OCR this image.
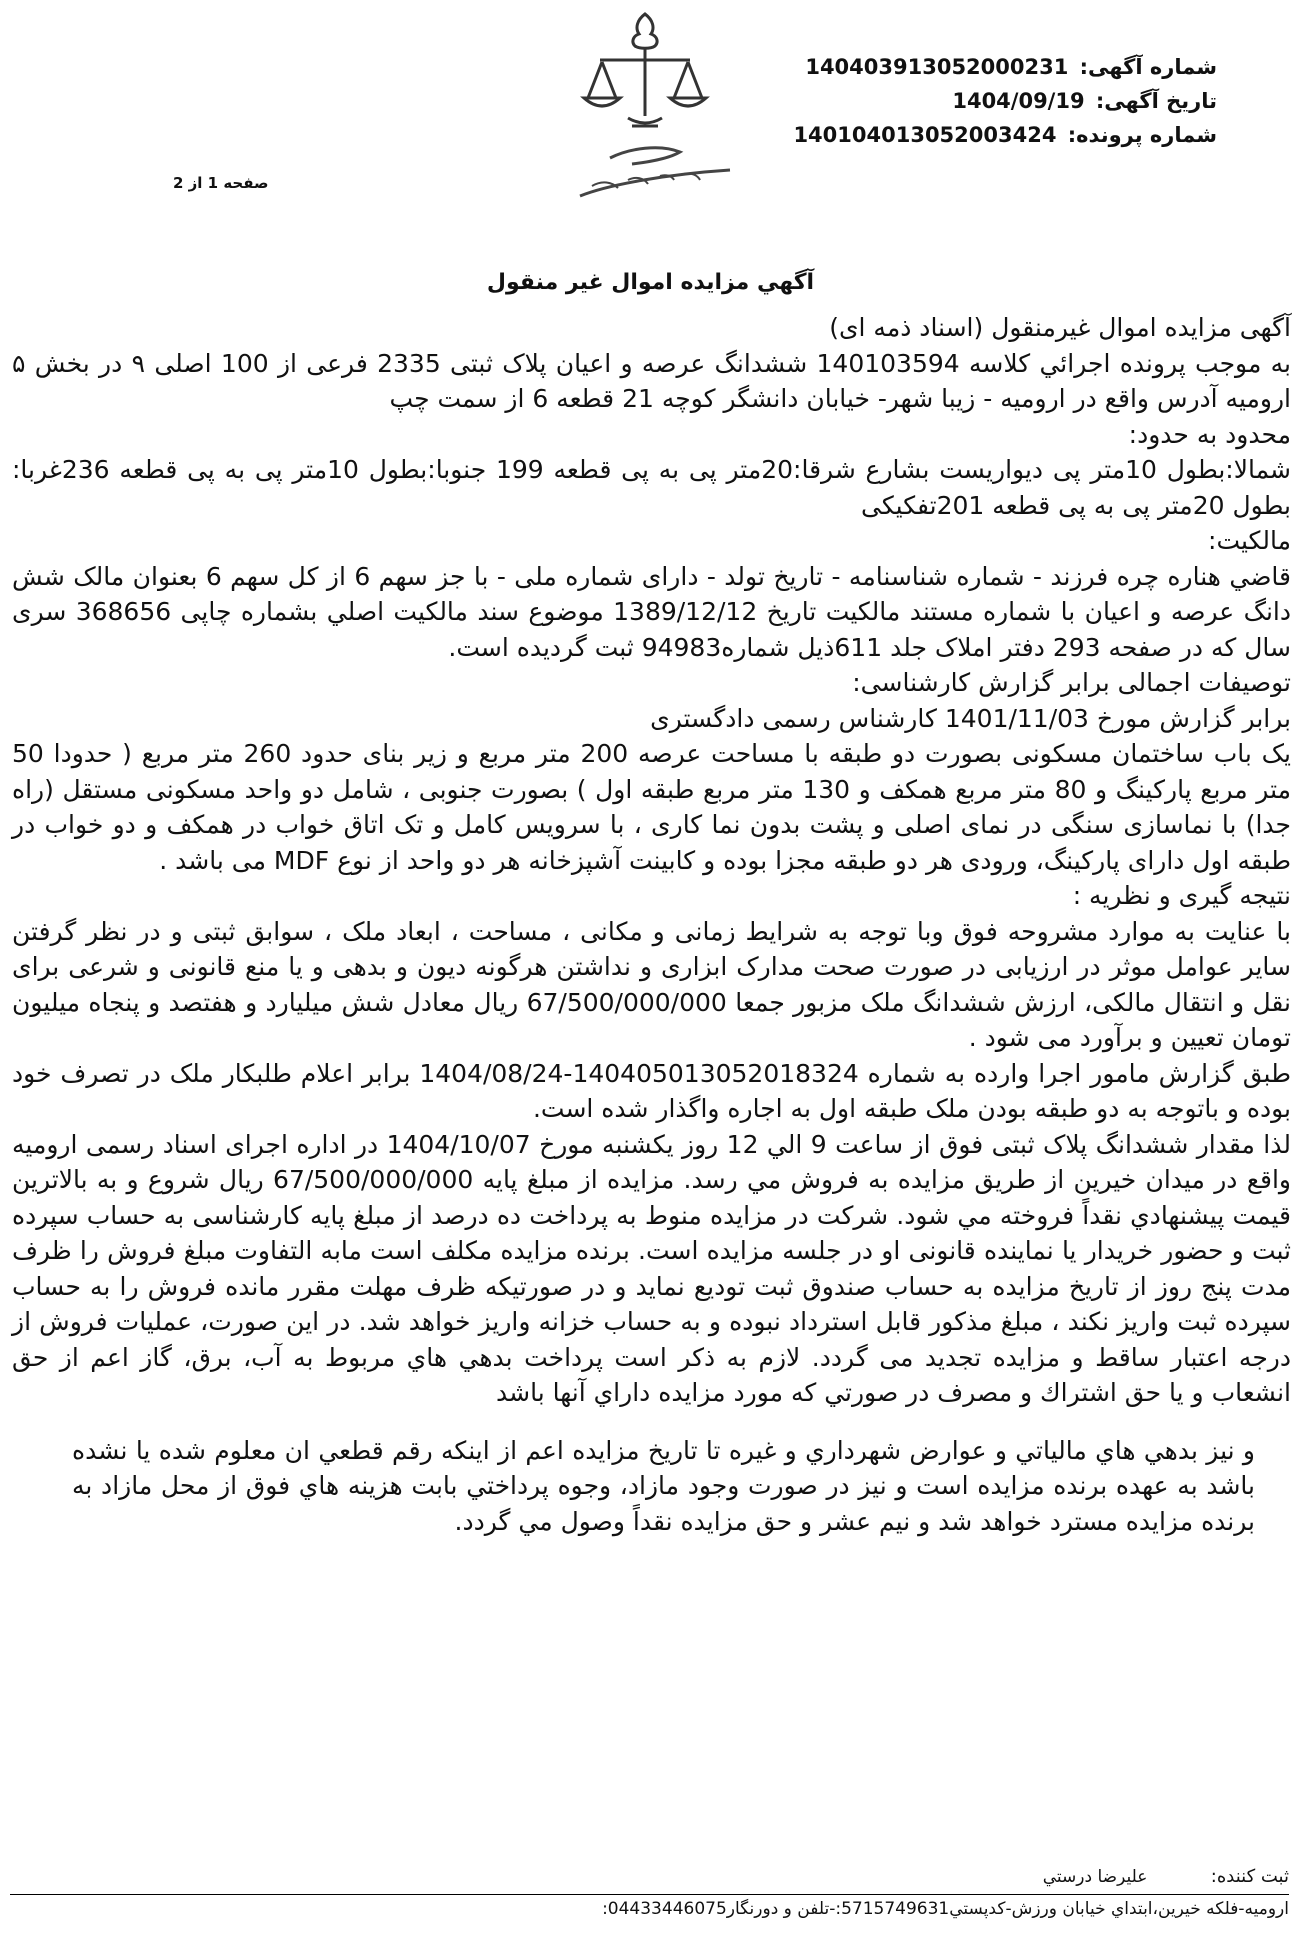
شماره آگهی: 140403913052000231
تاریخ آگهی: 1404/09/19
شماره پرونده: 140104013052003424
صفحه 1 از 2
آگهي مزايده اموال غير منقول

آگهی مزایده اموال غیرمنقول (اسناد ذمه ای)

به موجب پرونده اجرائي كلاسه 140103594 ششدانگ عرصه و اعيان پلاک ثبتی 2335 فرعی از 100 اصلی ۹ در بخش ۵ ارومیه آدرس واقع در ارومیه - زیبا شهر- خیابان دانشگر کوچه 21 قطعه 6 از سمت چپ

محدود به حدود:

شمالا:بطول 10متر پی دیواریست بشارع شرقا:20متر پی به پی قطعه 199 جنوبا:بطول 10متر پی به پی قطعه 236غربا: بطول 20متر پی به پی قطعه 201تفکیکی

مالکیت:

قاضي هناره چره فرزند - شماره شناسنامه - تاریخ تولد - دارای شماره ملی - با جز سهم 6 از کل سهم 6 بعنوان مالک شش دانگ عرصه و اعیان با شماره مستند مالکیت تاریخ 1389/12/12 موضوع سند مالکیت اصلي بشماره چاپی 368656 سری سال که در صفحه 293 دفتر املاک جلد 611ذیل شماره94983 ثبت گردیده است.

توصیفات اجمالی برابر گزارش کارشناسی:

برابر گزارش مورخ 1401/11/03 کارشناس رسمی دادگستری

یک باب ساختمان مسکونی بصورت دو طبقه با مساحت عرصه 200 متر مربع و زیر بنای حدود 260 متر مربع ( حدودا 50 متر مربع پارکینگ و 80 متر مربع همکف و 130 متر مربع طبقه اول ) بصورت جنوبی ، شامل دو واحد مسکونی مستقل (راه جدا) با نماسازی سنگی در نمای اصلی و پشت بدون نما کاری ، با سرویس کامل و تک اتاق خواب در همکف و دو خواب در طبقه اول دارای پارکینگ، ورودی هر دو طبقه مجزا بوده و کابینت آشپزخانه هر دو واحد از نوع MDF می باشد .

نتیجه گیری و نظریه :

با عنایت به موارد مشروحه فوق وبا توجه به شرایط زمانی و مکانی ، مساحت ، ابعاد ملک ، سوابق ثبتی و در نظر گرفتن سایر عوامل موثر در ارزیابی در صورت صحت مدارک ابزاری و نداشتن هرگونه دیون و بدهی و یا منع قانونی و شرعی برای نقل و انتقال مالکی، ارزش ششدانگ ملک مزبور جمعا 67/500/000/000 ریال معادل شش میلیارد و هفتصد و پنجاه میلیون تومان تعیین و برآورد می شود .

طبق گزارش مامور اجرا وارده به شماره 140405013052018324-1404/08/24 برابر اعلام طلبکار ملک در تصرف خود بوده و باتوجه به دو طبقه بودن ملک طبقه اول به اجاره واگذار شده است.

لذا مقدار ششدانگ پلاک ثبتی فوق از ساعت 9 الي 12 روز یکشنبه مورخ 1404/10/07 در اداره اجرای اسناد رسمی ارومیه واقع در میدان خیرین از طريق مزايده به فروش مي رسد. مزايده از مبلغ پايه 67/500/000/000 ريال شروع و به بالاترين قيمت پيشنهادي نقداً فروخته مي شود. شرکت در مزایده منوط به پرداخت ده درصد از مبلغ پایه کارشناسی به حساب سپرده ثبت و حضور خریدار یا نماینده قانونی او در جلسه مزایده است. برنده مزایده مکلف است مابه التفاوت مبلغ فروش را ظرف مدت پنج روز از تاریخ مزایده به حساب صندوق ثبت تودیع نماید و در صورتیکه ظرف مهلت مقرر مانده فروش را به حساب سپرده ثبت واریز نکند ، مبلغ مذکور قابل استرداد نبوده و به حساب خزانه واریز خواهد شد. در این صورت، عملیات فروش از درجه اعتبار ساقط و مزایده تجدید می گردد. لازم به ذکر است پرداخت بدهي هاي مربوط به آب، برق، گاز اعم از حق انشعاب و يا حق اشتراك و مصرف در صورتي كه مورد مزايده داراي آنها باشد

و نیز بدهي هاي مالياتي و عوارض شهرداري و غيره تا تاريخ مزايده اعم از اينكه رقم قطعي ان معلوم شده يا نشده باشد به عهده برنده مزايده است و نيز در صورت وجود مازاد، وجوه پرداختي بابت هزينه هاي فوق از محل مازاد به برنده مزايده مسترد خواهد شد و نيم عشر و حق مزايده نقداً وصول مي گردد.

ثبت کننده: علیرضا درستي
ارومیه-فلکه خیرین،ابتداي خيابان ورزش-كدپستي5715749631:-تلفن و دورنگار04433446075:
